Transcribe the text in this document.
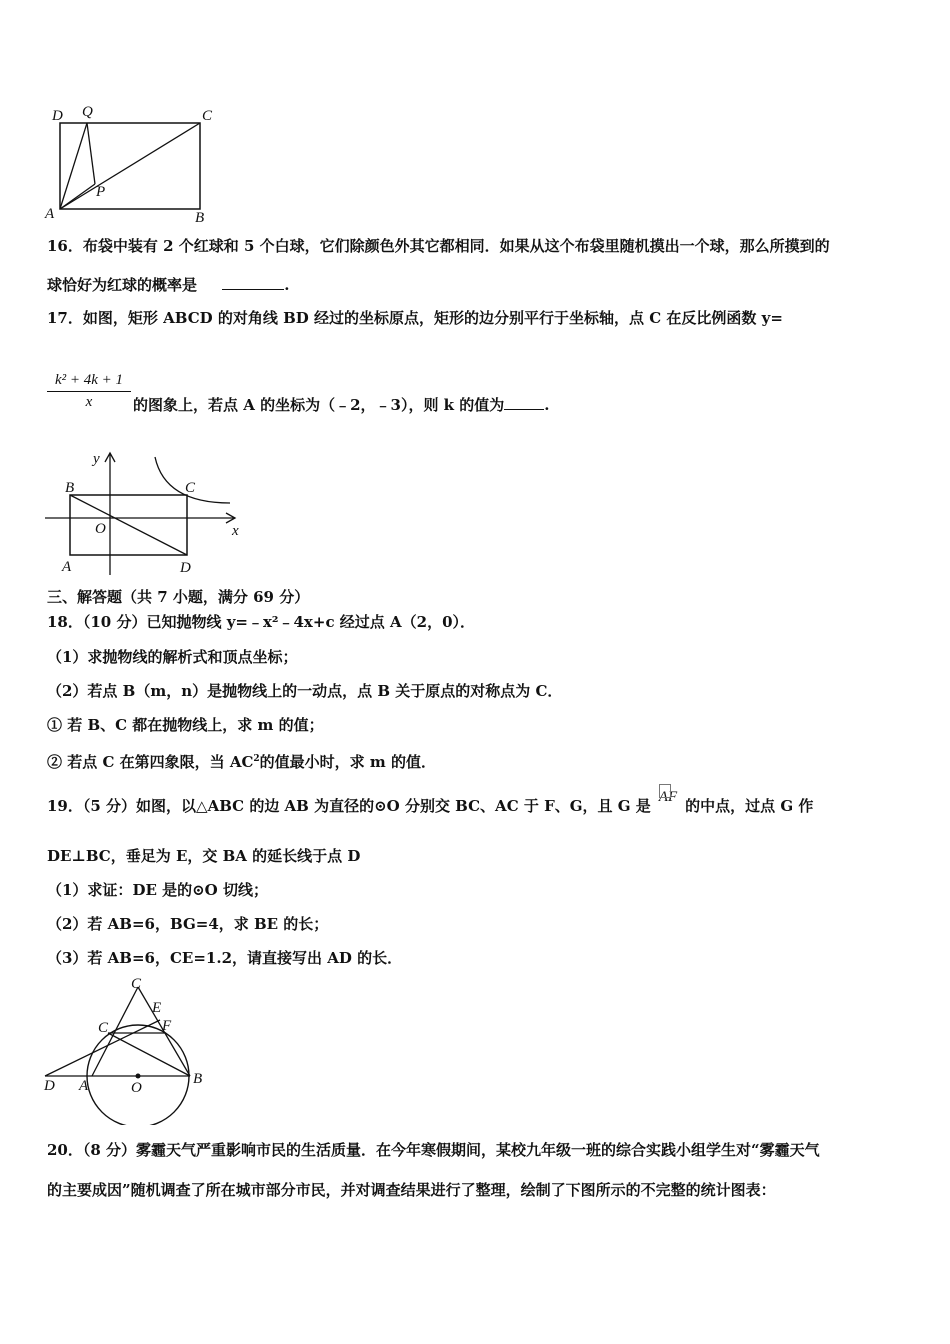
D Q	C
P
A	B
16．布袋中装有 2 个红球和 5 个白球，它们除颜色外其它都相同．如果从这个布袋里随机摸出一个球，那么所摸到的
球恰好为红球的概率是	.
17．如图，矩形 ABCD 的对角线 BD 经过的坐标原点，矩形的边分别平行于坐标轴，点 C 在反比例函数 y=
$\frac{\text{k² + 4k + 1}}{x}$ 的图象上，若点 A 的坐标为（﹣2，﹣3），则 k 的值为	.
y
x
B	C
O
A	D
三、解答题（共 7 小题，满分 69 分）
18．（10 分）已知抛物线 y=﹣x²﹣4x+c 经过点 A（2，0）．
（1）求抛物线的解析式和顶点坐标；
（2）若点 B（m，n）是抛物线上的一动点，点 B 关于原点的对称点为 C．
① 若 B、C 都在抛物线上，求 m 的值；
② 若点 C 在第四象限，当 $AC^2$的值最小时，求 m 的值．
19．（5 分）如图，以△ABC 的边 AB 为直径的⊙O 分别交 BC、AC 于 F、G，且 G 是 AF 的中点，过点 G 作
DE⊥BC，垂足为 E，交 BA 的延长线于点 D
（1）求证：DE 是的⊙O 切线；
（2）若 AB=6，BG=4，求 BE 的长；
（3）若 AB=6，CE=1.2，请直接写出 AD 的长．
C
E
C	F
D A	O
B
20．（8 分）雾霾天气严重影响市民的生活质量．在今年寒假期间，某校九年级一班的综合实践小组学生对“雾霾天气
的主要成因”随机调查了所在城市部分市民，并对调查结果进行了整理，绘制了下图所示的不完整的统计图表：
